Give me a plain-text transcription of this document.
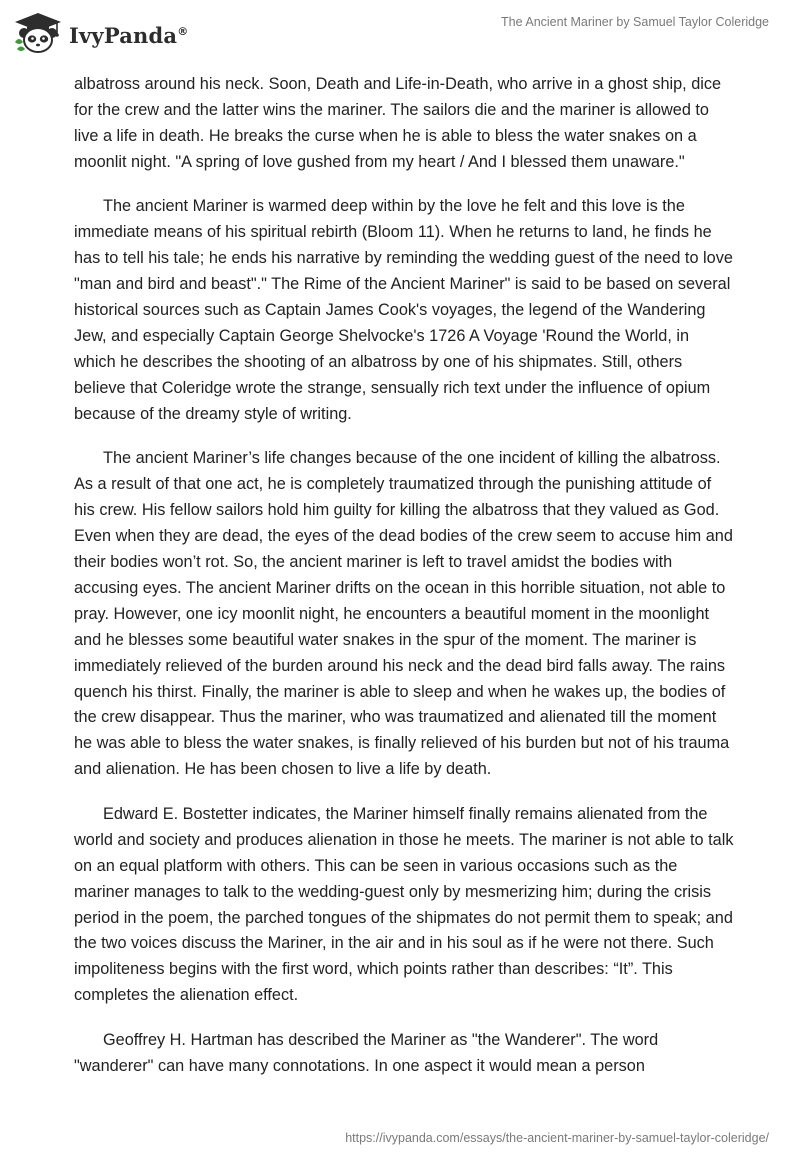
IvyPanda®
The Ancient Mariner by Samuel Taylor Coleridge

albatross around his neck. Soon, Death and Life-in-Death, who arrive in a ghost ship, dice for the crew and the latter wins the mariner. The sailors die and the mariner is allowed to live a life in death. He breaks the curse when he is able to bless the water snakes on a moonlit night. "A spring of love gushed from my heart / And I blessed them unaware."

The ancient Mariner is warmed deep within by the love he felt and this love is the immediate means of his spiritual rebirth (Bloom 11). When he returns to land, he finds he has to tell his tale; he ends his narrative by reminding the wedding guest of the need to love "man and bird and beast"." The Rime of the Ancient Mariner" is said to be based on several historical sources such as Captain James Cook's voyages, the legend of the Wandering Jew, and especially Captain George Shelvocke's 1726 A Voyage 'Round the World, in which he describes the shooting of an albatross by one of his shipmates. Still, others believe that Coleridge wrote the strange, sensually rich text under the influence of opium because of the dreamy style of writing.

The ancient Mariner’s life changes because of the one incident of killing the albatross. As a result of that one act, he is completely traumatized through the punishing attitude of his crew. His fellow sailors hold him guilty for killing the albatross that they valued as God. Even when they are dead, the eyes of the dead bodies of the crew seem to accuse him and their bodies won’t rot. So, the ancient mariner is left to travel amidst the bodies with accusing eyes. The ancient Mariner drifts on the ocean in this horrible situation, not able to pray. However, one icy moonlit night, he encounters a beautiful moment in the moonlight and he blesses some beautiful water snakes in the spur of the moment. The mariner is immediately relieved of the burden around his neck and the dead bird falls away. The rains quench his thirst. Finally, the mariner is able to sleep and when he wakes up, the bodies of the crew disappear. Thus the mariner, who was traumatized and alienated till the moment he was able to bless the water snakes, is finally relieved of his burden but not of his trauma and alienation. He has been chosen to live a life by death.

Edward E. Bostetter indicates, the Mariner himself finally remains alienated from the world and society and produces alienation in those he meets. The mariner is not able to talk on an equal platform with others. This can be seen in various occasions such as the mariner manages to talk to the wedding-guest only by mesmerizing him; during the crisis period in the poem, the parched tongues of the shipmates do not permit them to speak; and the two voices discuss the Mariner, in the air and in his soul as if he were not there. Such impoliteness begins with the first word, which points rather than describes: “It”. This completes the alienation effect.

Geoffrey H. Hartman has described the Mariner as "the Wanderer". The word "wanderer" can have many connotations. In one aspect it would mean a person

https://ivypanda.com/essays/the-ancient-mariner-by-samuel-taylor-coleridge/
